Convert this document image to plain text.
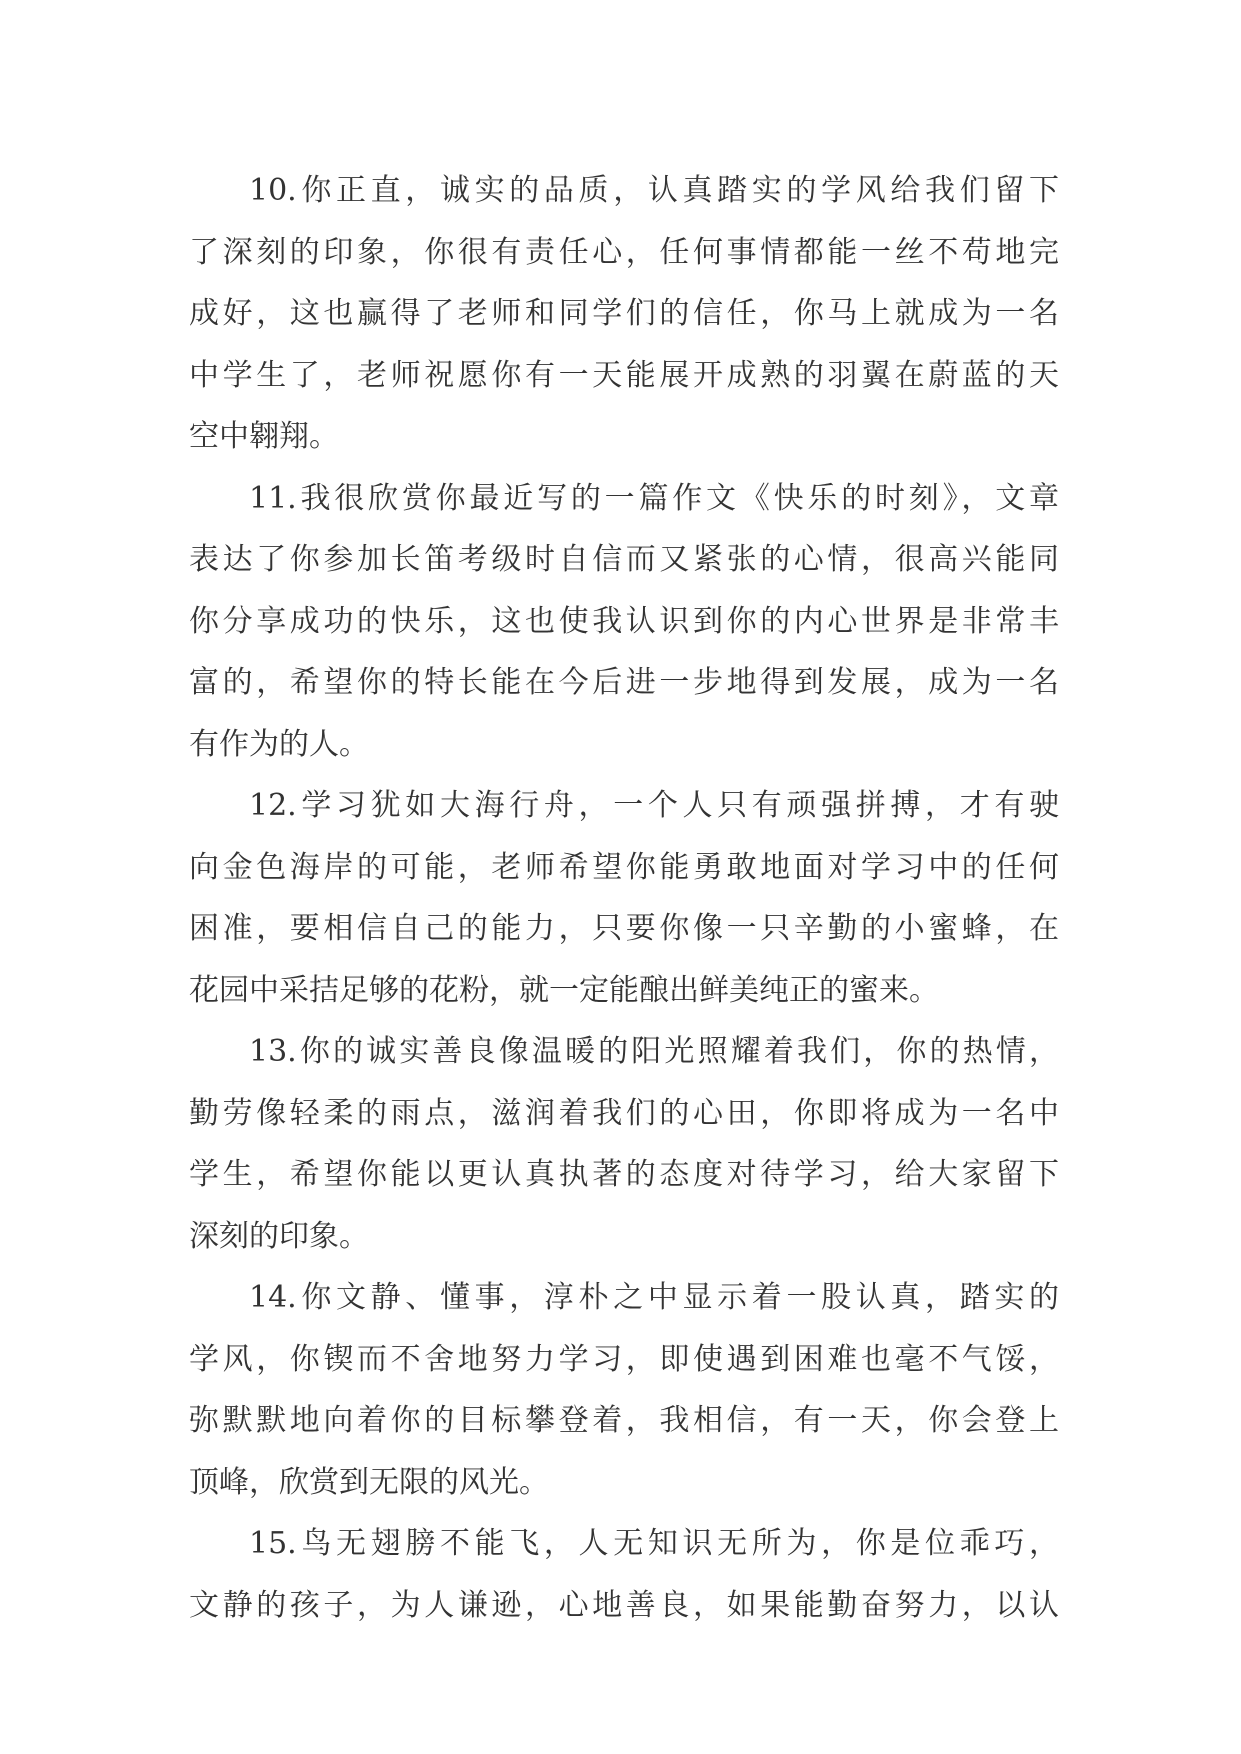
10.你正直，诚实的品质，认真踏实的学风给我们留下
了深刻的印象，你很有责任心，任何事情都能一丝不苟地完
成好，这也赢得了老师和同学们的信任，你马上就成为一名
中学生了，老师祝愿你有一天能展开成熟的羽翼在蔚蓝的天
空中翱翔。
11.我很欣赏你最近写的一篇作文《快乐的时刻》，文章
表达了你参加长笛考级时自信而又紧张的心情，很高兴能同
你分享成功的快乐，这也使我认识到你的内心世界是非常丰
富的，希望你的特长能在今后进一步地得到发展，成为一名
有作为的人。
12.学习犹如大海行舟，一个人只有顽强拼搏，才有驶
向金色海岸的可能，老师希望你能勇敢地面对学习中的任何
困准，要相信自己的能力，只要你像一只辛勤的小蜜蜂，在
花园中采拮足够的花粉，就一定能酿出鲜美纯正的蜜来。
13.你的诚实善良像温暖的阳光照耀着我们，你的热情，
勤劳像轻柔的雨点，滋润着我们的心田，你即将成为一名中
学生，希望你能以更认真执著的态度对待学习，给大家留下
深刻的印象。
14.你文静、懂事，淳朴之中显示着一股认真，踏实的
学风，你锲而不舍地努力学习，即使遇到困难也毫不气馁，
弥默默地向着你的目标攀登着，我相信，有一天，你会登上
顶峰，欣赏到无限的风光。
15.鸟无翅膀不能飞，人无知识无所为，你是位乖巧，
文静的孩子，为人谦逊，心地善良，如果能勤奋努力，以认
